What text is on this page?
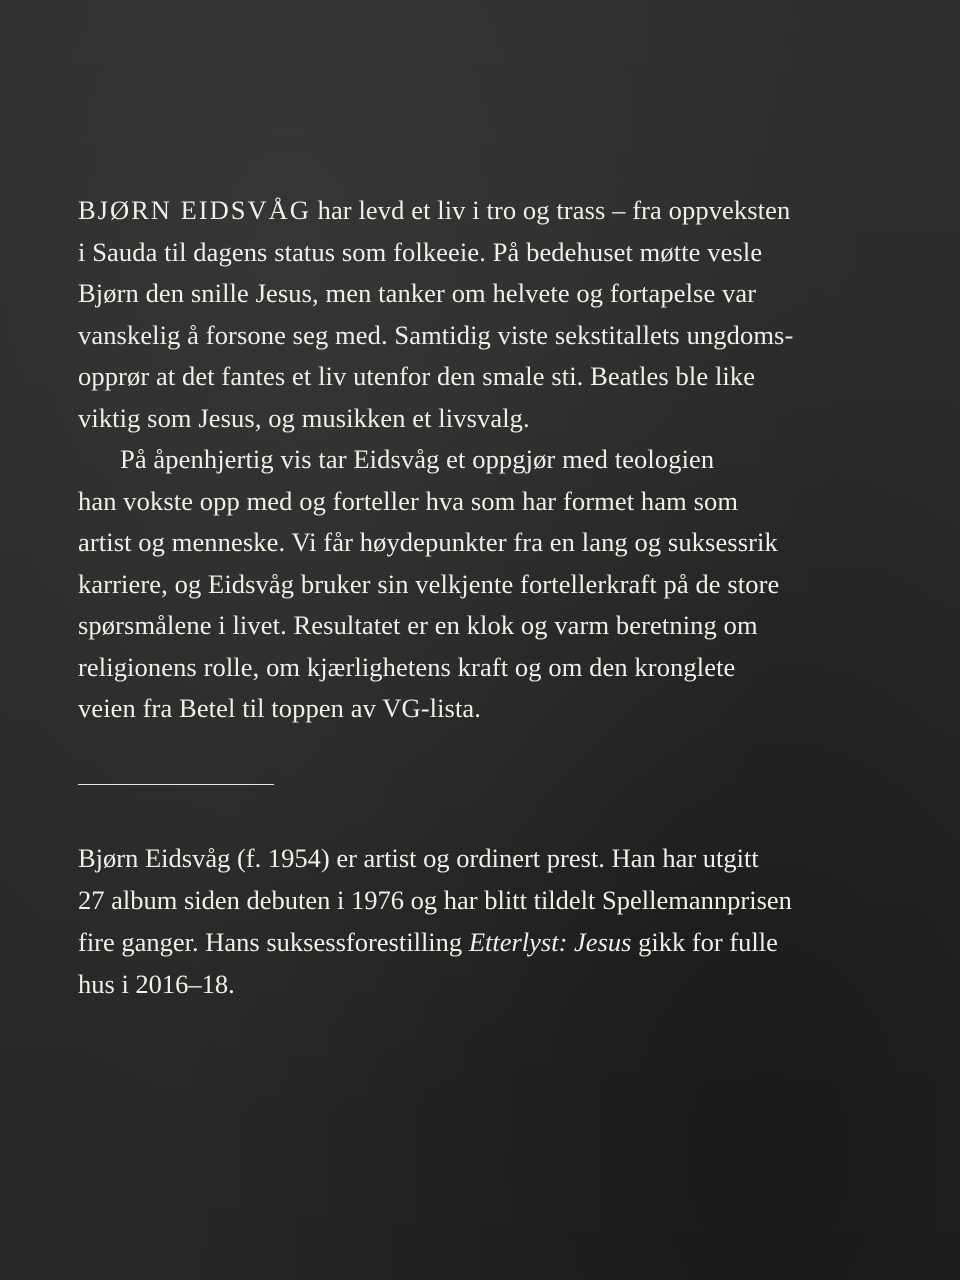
BJØRN EIDSVÅG har levd et liv i tro og trass – fra oppveksten
i Sauda til dagens status som folkeeie. På bedehuset møtte vesle
Bjørn den snille Jesus, men tanker om helvete og fortapelse var
vanskelig å forsone seg med. Samtidig viste sekstitallets ungdoms-
opprør at det fantes et liv utenfor den smale sti. Beatles ble like
viktig som Jesus, og musikken et livsvalg.

På åpenhjertig vis tar Eidsvåg et oppgjør med teologien
han vokste opp med og forteller hva som har formet ham som
artist og menneske. Vi får høydepunkter fra en lang og suksessrik
karriere, og Eidsvåg bruker sin velkjente fortellerkraft på de store
spørsmålene i livet. Resultatet er en klok og varm beretning om
religionens rolle, om kjærlighetens kraft og om den kronglete
veien fra Betel til toppen av VG-lista.

Bjørn Eidsvåg (f. 1954) er artist og ordinert prest. Han har utgitt
27 album siden debuten i 1976 og har blitt tildelt Spellemannprisen
fire ganger. Hans suksessforestilling Etterlyst: Jesus gikk for fulle
hus i 2016–18.
